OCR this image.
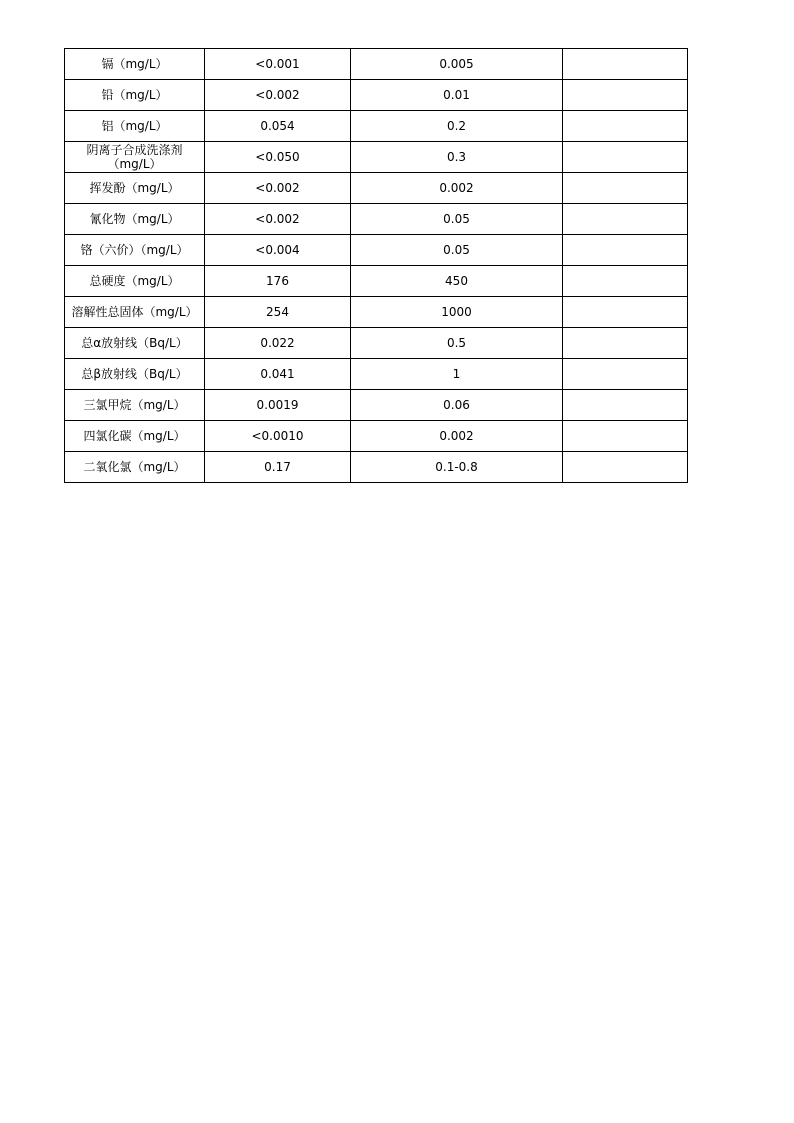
镉（mg/L）	<0.001	0.005	
铅（mg/L）	<0.002	0.01	
铝（mg/L）	0.054	0.2	
阴离子合成洗涤剂（mg/L）	<0.050	0.3	
挥发酚（mg/L）	<0.002	0.002	
氰化物（mg/L）	<0.002	0.05	
铬（六价）（mg/L）	<0.004	0.05	
总硬度（mg/L）	176	450	
溶解性总固体（mg/L）	254	1000	
总α放射线（Bq/L）	0.022	0.5	
总β放射线（Bq/L）	0.041	1	
三氯甲烷（mg/L）	0.0019	0.06	
四氯化碳（mg/L）	<0.0010	0.002	
二氧化氯（mg/L）	0.17	0.1-0.8	
